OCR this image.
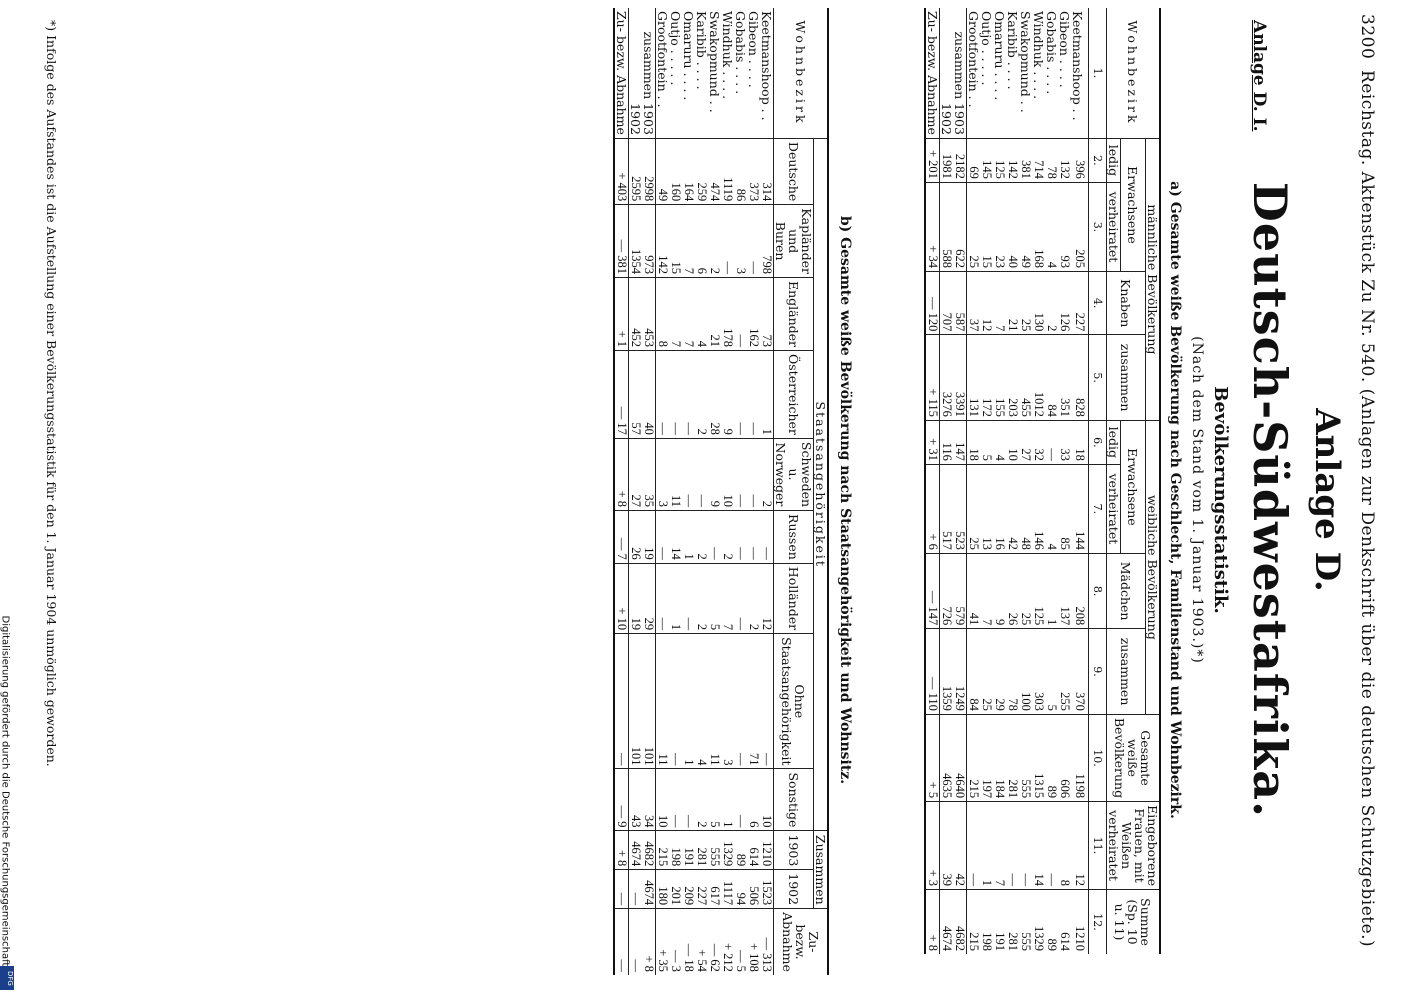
3200
Reichstag. Aktenstück Zu Nr. 540. (Anlagen zur Denkschrift über die deutschen Schutzgebiete.)
Anlage D.
Deutsch-Südwestafrika.
Anlage D. I.
Bevölkerungsstatistik.
(Nach dem Stand vom 1. Januar 1903.)*)
a) Gesamte weiße Bevölkerung nach Geschlecht, Familienstand und Wohnbezirk.
Wohnbezirk	männliche Bevölkerung				weibliche Bevölkerung				Gesamte weiße Bevölkerung	Eingeborene Frauen, mit Weißen verheiratet	Summe (Sp. 10 u. 11)
	Erwachsene		Knaben	zusammen	Erwachsene		Mädchen	zusammen			
	ledig	verheiratet			ledig	verheiratet					
1.	2.	3.	4.	5.	6.	7.	8.	9.	10.	11.	12.
Keetmanshoop . .	396	205	227	828	18	144	208	370	1198	12	1210
Gibeon . . . .	132	93	126	351	33	85	137	255	606	8	614
Gobabis . . . .	78	4	2	84	—	4	1	5	89	—	89
Windhuk . . . .	714	168	130	1012	32	146	125	303	1315	14	1329
Swakopmund . .	381	49	25	455	27	48	25	100	555	—	555
Karibib . . . .	142	40	21	203	10	42	26	78	281	—	281
Omaruru . . . .	125	23	7	155	4	16	9	29	184	7	191
Outjo . . . . .	145	15	12	172	5	13	7	25	197	1	198
Grootfontein . .	69	25	37	131	18	25	41	84	215	—	215
zusammen 1903	2182	622	587	3391	147	523	579	1249	4640	42	4682
1902	1981	588	707	3276	116	517	726	1359	4635	39	4674
Zu- bezw. Abnahme	+ 201	+ 34	— 120	+ 115	+ 31	+ 6	— 147	— 110	+ 5	+ 3	+ 8
b) Gesamte weiße Bevölkerung nach Staatsangehörigkeit und Wohnsitz.
Wohnbezirk	Staatsangehörigkeit									Zusammen		Zu- bezw. Abnahme
	Deutsche	Kapländer und Buren	Engländer	Österreicher	Schweden u. Norweger	Russen	Holländer	Ohne Staatsangehörigkeit	Sonstige	1903	1902	
Keetmanshoop . .	314	798	73	1	2	—	12	—	10	1210	1523	— 313
Gibeon . . . .	373	—	162	—	—	—	2	71	6	614	506	+ 108
Gobabis . . . .	86	3	—	—	—	—	—	—	—	89	94	— 5
Windhuk . . . .	1119	—	178	9	10	2	7	3	1	1329	1117	+ 212
Swakopmund . .	474	2	21	28	9	—	5	11	5	555	617	— 62
Karibib . . . .	259	6	4	2	—	2	2	4	2	281	227	+ 54
Omaruru . . . .	164	7	7	—	—	1	—	1	—	191	209	— 18
Outjo . . . . .	160	15	7	—	11	14	1	—	—	198	201	— 3
Grootfontein . .	49	142	8	—	3	—	—	11	10	215	180	+ 35
zusammen 1903	2998	973	453	40	35	19	29	101	34	4682	4674	+ 8
1902	2595	1354	452	57	27	26	19	101	43	4674	—	—
Zu- bezw. Abnahme	+ 403	— 381	+ 1	— 17	+ 8	— 7	+ 10	—	— 9	+ 8	—	—
*) Infolge des Aufstandes ist die Aufstellung einer Bevölkerungsstatistik für den 1. Januar 1904 unmöglich geworden.
Digitalisierung gefördert durch die Deutsche Forschungsgemeinschaft
DFG
